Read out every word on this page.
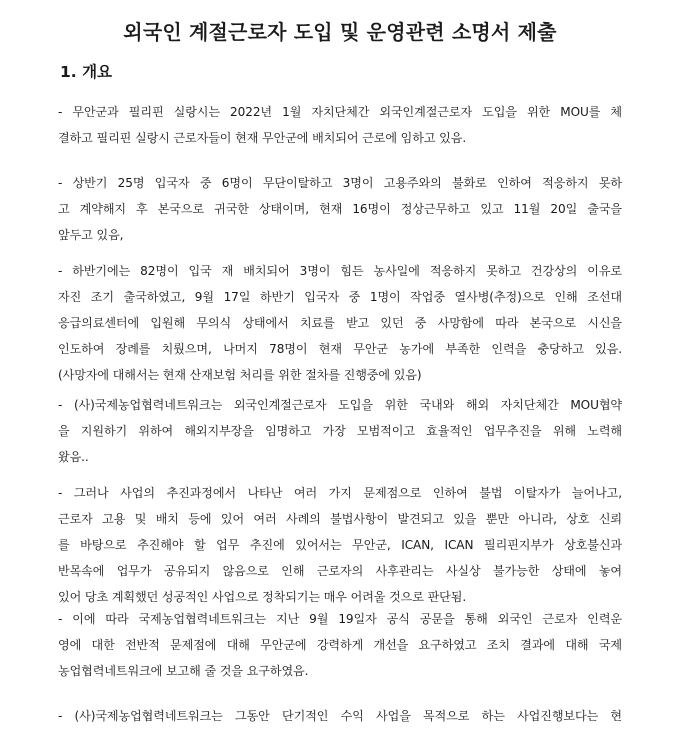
외국인 계절근로자 도입 및 운영관련 소명서 제출
1. 개요

- 무안군과 필리핀 실랑시는 2022년 1월 자치단체간 외국인계절근로자 도입을 위한 MOU를 체
결하고 필리핀 실랑시 근로자들이 현재 무안군에 배치되어 근로에 임하고 있음.

- 상반기 25명 입국자 중 6명이 무단이탈하고 3명이 고용주와의 불화로 인하여 적응하지 못하
고 계약해지 후 본국으로 귀국한 상태이며, 현재 16명이 정상근무하고 있고 11월 20일 출국을
앞두고 있음,

- 하반기에는 82명이 입국 재 배치되어 3명이 힘든 농사일에 적응하지 못하고 건강상의 이유로
자진 조기 출국하였고, 9월 17일 하반기 입국자 중 1명이 작업중 열사병(추정)으로 인해 조선대
응급의료센터에 입원해 무의식 상태에서 치료를 받고 있던 중 사망함에 따라 본국으로 시신을
인도하여 장례를 치뤘으며, 나머지 78명이 현재 무안군 농가에 부족한 인력을 충당하고 있음.
(사망자에 대해서는 현재 산재보험 처리를 위한 절차를 진행중에 있음)

- (사)국제농업협력네트워크는 외국인계절근로자 도입을 위한 국내와 해외 자치단체간 MOU협약
을 지원하기 위하여 해외지부장을 임명하고 가장 모범적이고 효율적인 업무추진을 위해 노력해
왔음..

- 그러나 사업의 추진과정에서 나타난 여러 가지 문제점으로 인하여 불법 이탈자가 늘어나고,
근로자 고용 및 배치 등에 있어 여러 사례의 불법사항이 발견되고 있을 뿐만 아니라, 상호 신뢰
를 바탕으로 추진해야 할 업무 추진에 있어서는 무안군, ICAN, ICAN 필리핀지부가 상호불신과
반목속에 업무가 공유되지 않음으로 인해 근로자의 사후관리는 사실상 불가능한 상태에 놓여
있어 당초 계획했던 성공적인 사업으로 정착되기는 매우 어려울 것으로 판단됨.

- 이에 따라 국제농업협력네트워크는 지난 9월 19일자 공식 공문을 통해 외국인 근로자 인력운
영에 대한 전반적 문제점에 대해 무안군에 강력하게 개선을 요구하였고 조치 결과에 대해 국제
농업협력네트워크에 보고해 줄 것을 요구하였음.

- (사)국제농업협력네트워크는 그동안 단기적인 수익 사업을 목적으로 하는 사업진행보다는 현
